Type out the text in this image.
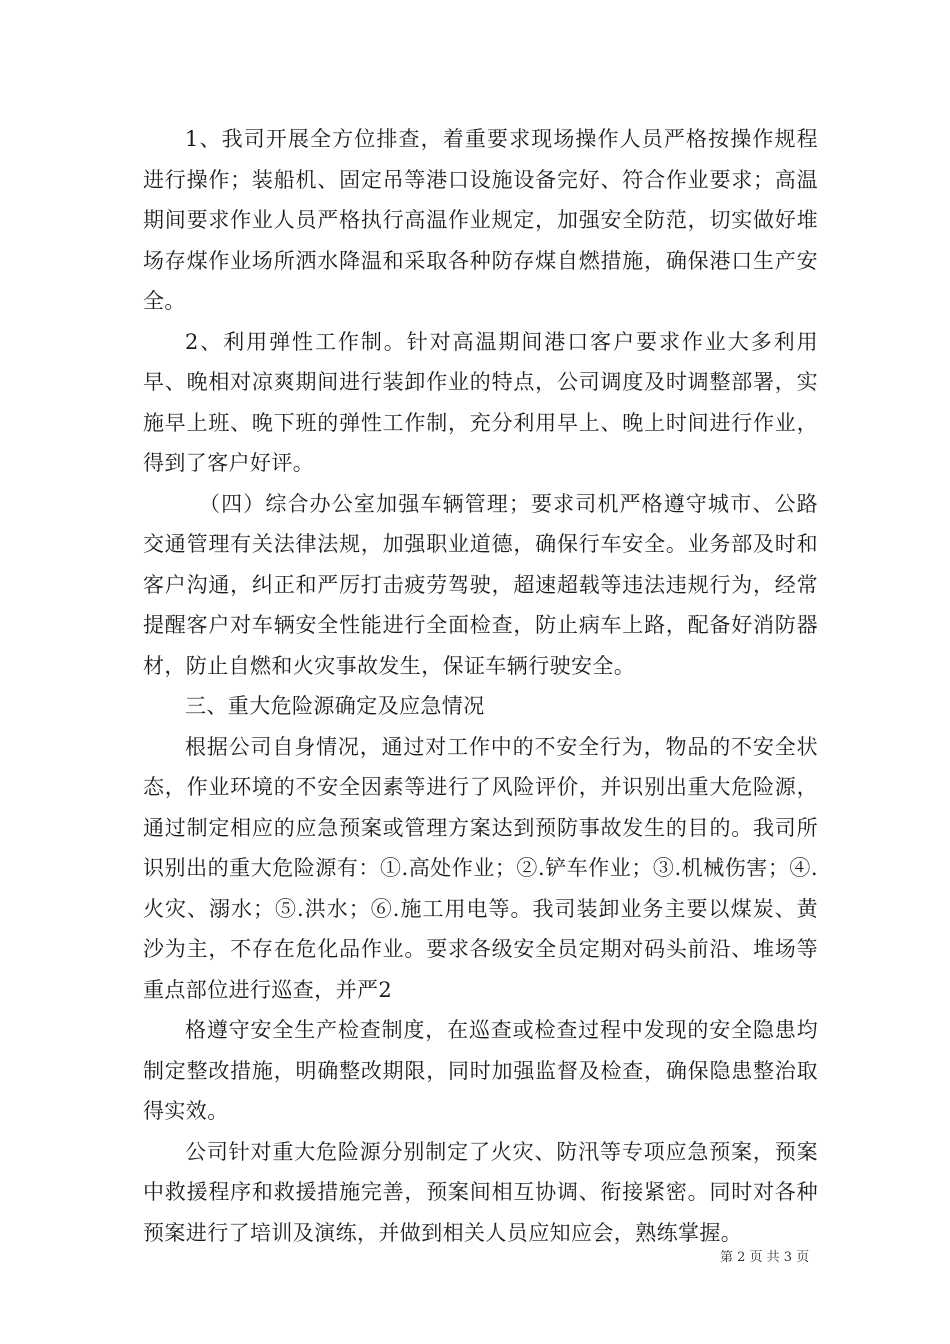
1、我司开展全方位排查，着重要求现场操作人员严格按操作规程进行操作；装船机、固定吊等港口设施设备完好、符合作业要求；高温期间要求作业人员严格执行高温作业规定，加强安全防范，切实做好堆场存煤作业场所洒水降温和采取各种防存煤自燃措施，确保港口生产安全。

2、利用弹性工作制。针对高温期间港口客户要求作业大多利用早、晚相对凉爽期间进行装卸作业的特点，公司调度及时调整部署，实施早上班、晚下班的弹性工作制，充分利用早上、晚上时间进行作业，得到了客户好评。

（四）综合办公室加强车辆管理；要求司机严格遵守城市、公路交通管理有关法律法规，加强职业道德，确保行车安全。业务部及时和客户沟通，纠正和严厉打击疲劳驾驶，超速超载等违法违规行为，经常提醒客户对车辆安全性能进行全面检查，防止病车上路，配备好消防器材，防止自燃和火灾事故发生，保证车辆行驶安全。

三、重大危险源确定及应急情况

根据公司自身情况，通过对工作中的不安全行为，物品的不安全状态，作业环境的不安全因素等进行了风险评价，并识别出重大危险源，通过制定相应的应急预案或管理方案达到预防事故发生的目的。我司所识别出的重大危险源有：①.高处作业；②.铲车作业；③.机械伤害；④.火灾、溺水；⑤.洪水；⑥.施工用电等。我司装卸业务主要以煤炭、黄沙为主，不存在危化品作业。要求各级安全员定期对码头前沿、堆场等重点部位进行巡查，并严2

格遵守安全生产检查制度，在巡查或检查过程中发现的安全隐患均制定整改措施，明确整改期限，同时加强监督及检查，确保隐患整治取得实效。

公司针对重大危险源分别制定了火灾、防汛等专项应急预案，预案中救援程序和救援措施完善，预案间相互协调、衔接紧密。同时对各种预案进行了培训及演练，并做到相关人员应知应会，熟练掌握。

第 2 页 共 3 页
